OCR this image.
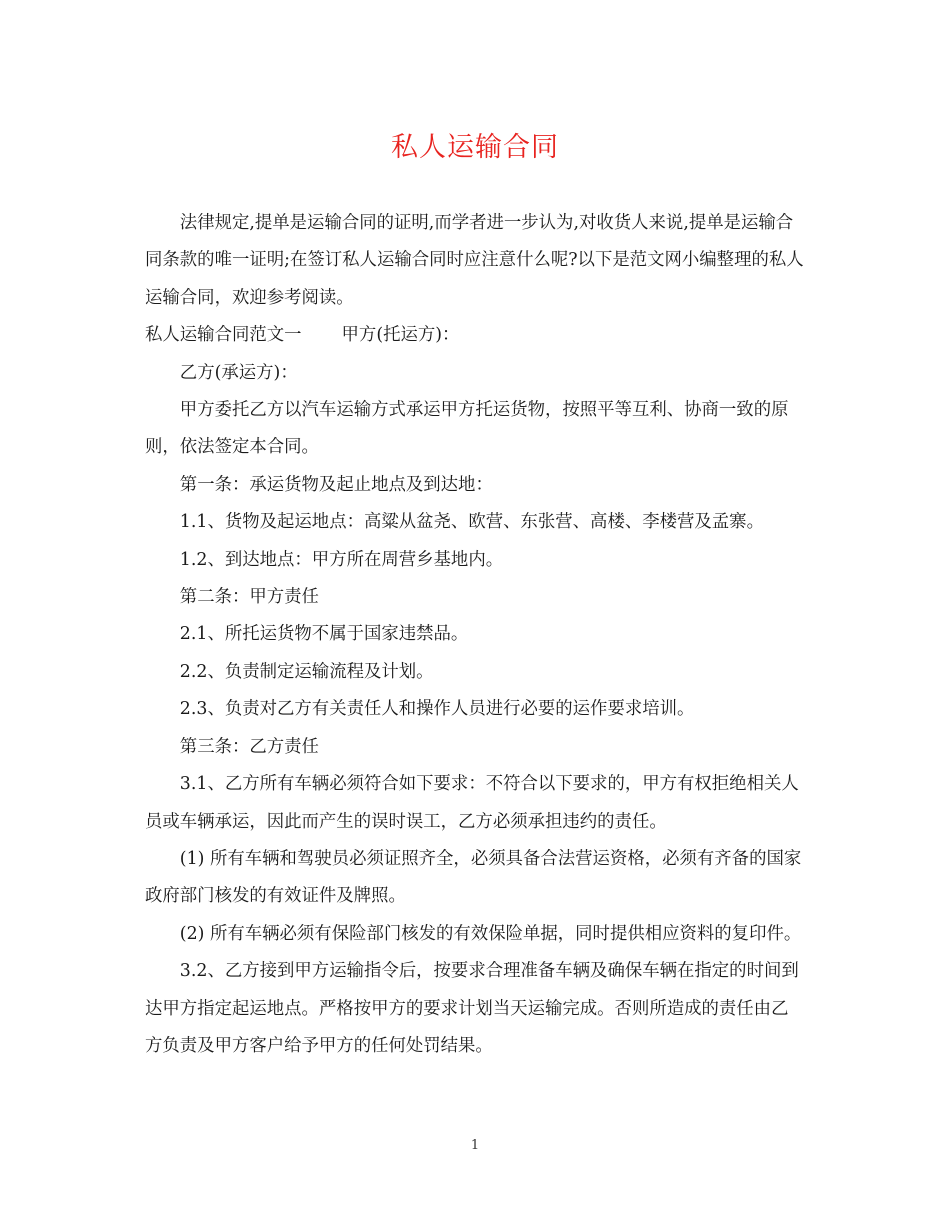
私人运输合同

法律规定,提单是运输合同的证明,而学者进一步认为,对收货人来说,提单是运输合同条款的唯一证明;在签订私人运输合同时应注意什么呢?以下是范文网小编整理的私人运输合同，欢迎参考阅读。

私人运输合同范文一 甲方(托运方)：

乙方(承运方)：

甲方委托乙方以汽车运输方式承运甲方托运货物，按照平等互利、协商一致的原则，依法签定本合同。

第一条：承运货物及起止地点及到达地：

1.1、货物及起运地点：高粱从盆尧、欧营、东张营、高楼、李楼营及孟寨。

1.2、到达地点：甲方所在周营乡基地内。

第二条：甲方责任

2.1、所托运货物不属于国家违禁品。

2.2、负责制定运输流程及计划。

2.3、负责对乙方有关责任人和操作人员进行必要的运作要求培训。

第三条：乙方责任

3.1、乙方所有车辆必须符合如下要求：不符合以下要求的，甲方有权拒绝相关人员或车辆承运，因此而产生的误时误工，乙方必须承担违约的责任。

(1) 所有车辆和驾驶员必须证照齐全，必须具备合法营运资格，必须有齐备的国家政府部门核发的有效证件及牌照。

(2) 所有车辆必须有保险部门核发的有效保险单据，同时提供相应资料的复印件。

3.2、乙方接到甲方运输指令后，按要求合理准备车辆及确保车辆在指定的时间到达甲方指定起运地点。严格按甲方的要求计划当天运输完成。否则所造成的责任由乙方负责及甲方客户给予甲方的任何处罚结果。

1
